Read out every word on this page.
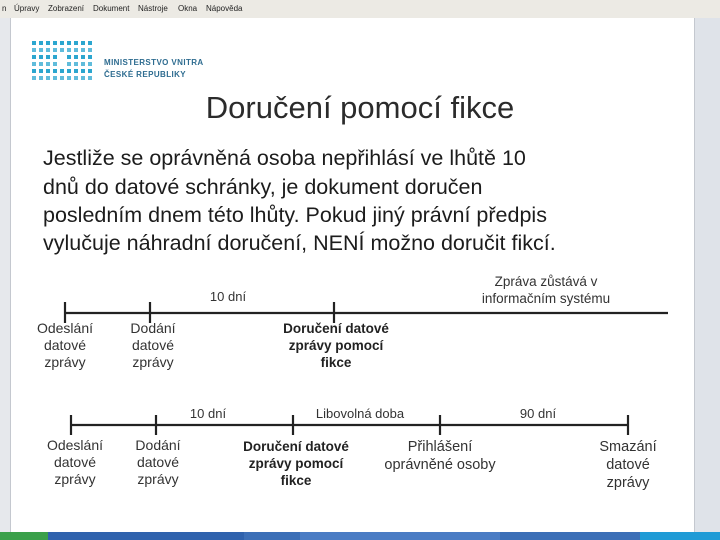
n Úpravy Zobrazení Dokument Nástroje Okna Nápověda
MINISTERSTVO VNITRA
ČESKÉ REPUBLIKY
Doručení pomocí fikce
Jestliže se oprávněná osoba nepřihlásí ve lhůtě 10
dnů do datové schránky, je dokument doručen
posledním dnem této lhůty. Pokud jiný právní předpis
vylučuje náhradní doručení, NENÍ možno doručit fikcí.
10 dní
Zpráva zůstává v
informačním systému
Odeslání
datové
zprávy
Dodání
datové
zprávy
Doručení datové
zprávy pomocí
fikce
10 dní	Libovolná doba	90 dní
Odeslání
datové
zprávy
Dodání
datové
zprávy
Doručení datové
zprávy pomocí
fikce
Přihlášení
oprávněné osoby
Smazání
datové
zprávy
